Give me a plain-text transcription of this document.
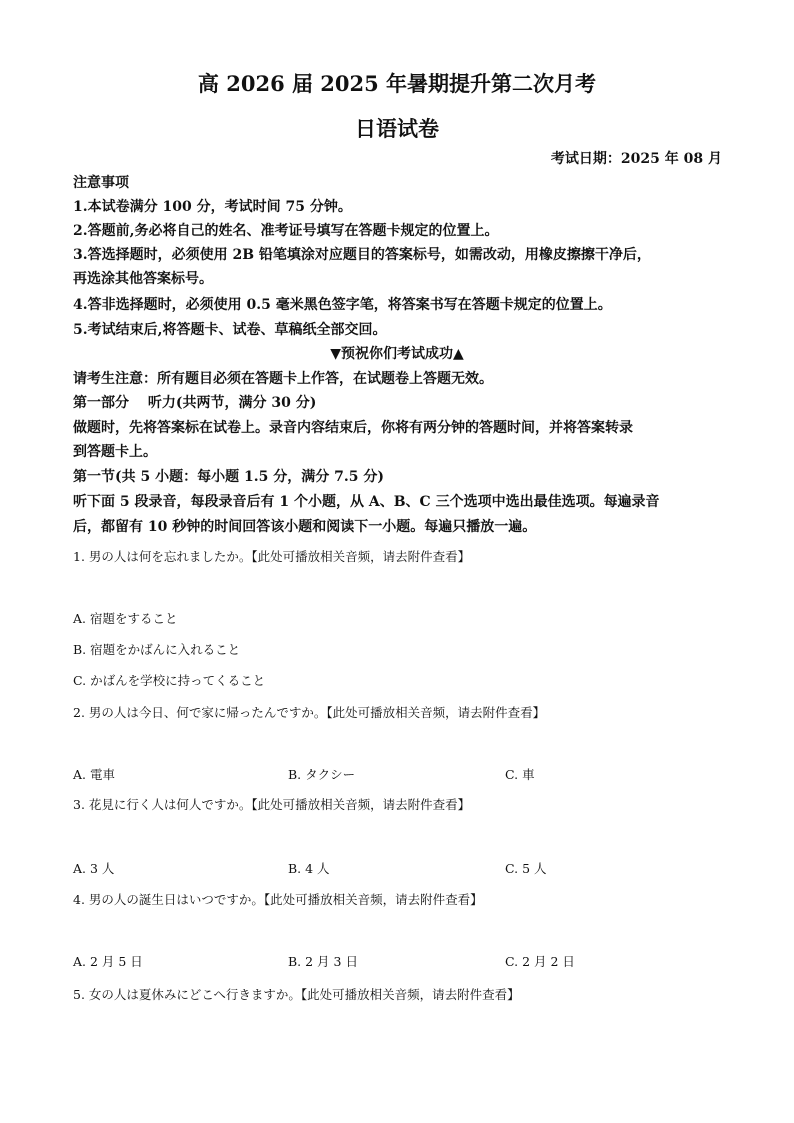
高 2026 届 2025 年暑期提升第二次月考
日语试卷
考试日期：2025 年 08 月
注意事项
1.本试卷满分 100 分，考试时间 75 分钟。
2.答题前,务必将自己的姓名、准考证号填写在答题卡规定的位置上。
3.答选择题时，必须使用 2B 铅笔填涂对应题目的答案标号，如需改动，用橡皮擦擦干净后，
再选涂其他答案标号。
4.答非选择题时，必须使用 0.5 毫米黑色签字笔，将答案书写在答题卡规定的位置上。
5.考试结束后,将答题卡、试卷、草稿纸全部交回。
▼预祝你们考试成功▲
请考生注意：所有题目必须在答题卡上作答，在试题卷上答题无效。
第一部分　 听力(共两节，满分 30 分)
做题时，先将答案标在试卷上。录音内容结束后，你将有两分钟的答题时间，并将答案转录
到答题卡上。
第一节(共 5 小题：每小题 1.5 分，满分 7.5 分)
听下面 5 段录音，每段录音后有 1 个小题，从 A、B、C 三个选项中选出最佳选项。每遍录音
后，都留有 10 秒钟的时间回答该小题和阅读下一小题。每遍只播放一遍。
1. 男の人は何を忘れましたか。【此处可播放相关音频，请去附件查看】
A. 宿題をすること
B. 宿題をかばんに入れること
C. かばんを学校に持ってくること
2. 男の人は今日、何で家に帰ったんですか。【此处可播放相关音频，请去附件查看】
A. 電車	B. タクシー	C. 車
3. 花見に行く人は何人ですか。【此处可播放相关音频，请去附件查看】
A. 3 人	B. 4 人	C. 5 人
4. 男の人の誕生日はいつですか。【此处可播放相关音频，请去附件查看】
A. 2 月 5 日	B. 2 月 3 日	C. 2 月 2 日
5. 女の人は夏休みにどこへ行きますか。【此处可播放相关音频，请去附件查看】
